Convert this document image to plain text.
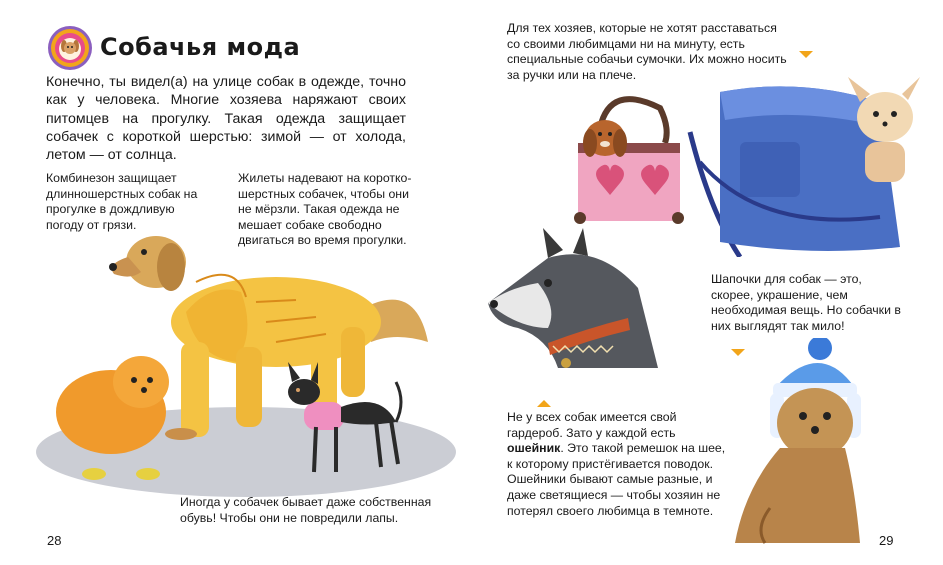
Собачья мода
Конечно, ты видел(а) на улице собак в одежде, точно как у человека. Многие хозяева наряжают своих питомцев на прогулку. Такая одежда защищает собачек с короткой шерстью: зимой — от холода, летом — от солнца.
Комбинезон защищает длинношерстных собак на прогулке в дождливую погоду от грязи.
Жилеты надевают на коротко-шерстных собачек, чтобы они не мёрзли. Такая одежда не мешает собаке свободно двигаться во время прогулки.
Иногда у собачек бывает даже собственная обувь! Чтобы они не повредили лапы.
Для тех хозяев, которые не хотят расставаться со своими любимцами ни на минуту, есть специальные собачьи сумочки. Их можно носить за ручки или на плече.
Шапочки для собак — это, скорее, украшение, чем необходимая вещь. Но собачки в них выглядят так мило!
Не у всех собак имеется свой гардероб. Зато у каждой есть ошейник. Это такой ремешок на шее, к которому пристёгивается поводок. Ошейники бывают самые разные, и даже светящиеся — чтобы хозяин не потерял своего любимца в темноте.
28	29
